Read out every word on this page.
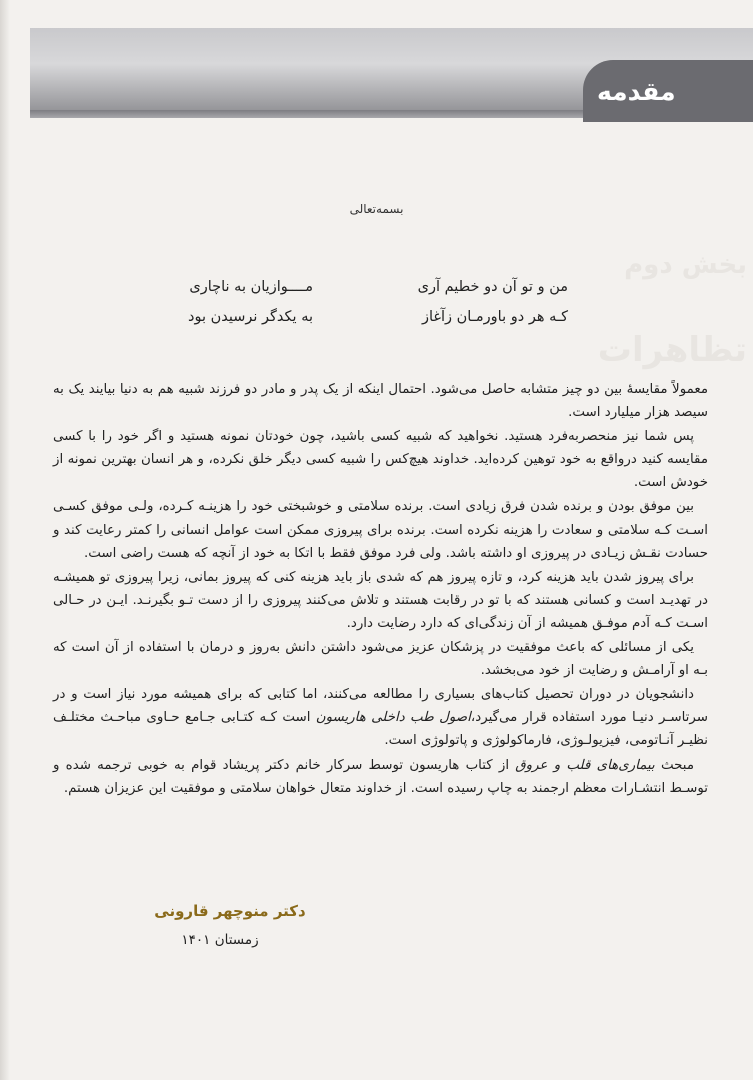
بخش دوم
تظاهرات
مقدمه
بسمه‌تعالی
من و تو آن دو خطیم آری
کـه هر دو باورمـان زآغاز
مــــوازیان به ناچاری
به یکدگر نرسیدن بود

معمولاً مقایسهٔ بین دو چیز متشابه حاصل می‌شود. احتمال اینکه از یک پدر و مادر دو فرزند شبیه هم به دنیا بیایند یک به سیصد هزار میلیارد است.

پس شما نیز منحصربه‌فرد هستید. نخواهید که شبیه کسی باشید، چون خودتان نمونه هستید و اگر خود را با کسی مقایسه کنید درواقع به خود توهین کرده‌اید. خداوند هیچ‌کس را شبیه کسی دیگر خلق نکرده، و هر انسان بهترین نمونه از خودش است.

بین موفق بودن و برنده شدن فرق زیادی است. برنده سلامتی و خوشبختی خود را هزینـه کـرده، ولـی موفق کسـی اسـت کـه سلامتی و سعادت را هزینه نکرده است. برنده برای پیروزی ممکن است عوامل انسانی را کمتر رعایت کند و حسادت نقـش زیـادی در پیروزی او داشته باشد. ولی فرد موفق فقط با اتکا به خود از آنچه که هست راضی است.

برای پیروز شدن باید هزینه کرد، و تازه پیروز هم که شدی باز باید هزینه کنی که پیروز بمانی، زیرا پیروزی تو همیشـه در تهدیـد است و کسانی هستند که با تو در رقابت هستند و تلاش می‌کنند پیروزی را از دست تـو بگیرنـد. ایـن در حـالی اسـت کـه آدم موفـق همیشه از آن زندگی‌ای که دارد رضایت دارد.

یکی از مسائلی که باعث موفقیت در پزشکان عزیز می‌شود داشتن دانش به‌روز و درمان با استفاده از آن است که بـه او آرامـش و رضایت از خود می‌بخشد.

دانشجویان در دوران تحصیل کتاب‌های بسیاری را مطالعه می‌کنند، اما کتابی که برای همیشه مورد نیاز است و در سرتاسـر دنیـا مورد استفاده قرار می‌گیرد،اصول طب داخلی هاریسون است کـه کتـابی جـامع حـاوی مباحـث مختلـف نظیـر آنـاتومی، فیزیولـوژی، فارماکولوژی و پاتولوژی است.

مبحث بیماری‌های قلب و عروق از کتاب هاریسون توسط سرکار خانم دکتر پریشاد قوام به خوبی ترجمه شده و توسـط انتشـارات معظم ارجمند به چاپ رسیده است. از خداوند متعال خواهان سلامتی و موفقیت این عزیزان هستم.

دکتر منوچهر قارونی
زمستان ۱۴۰۱
